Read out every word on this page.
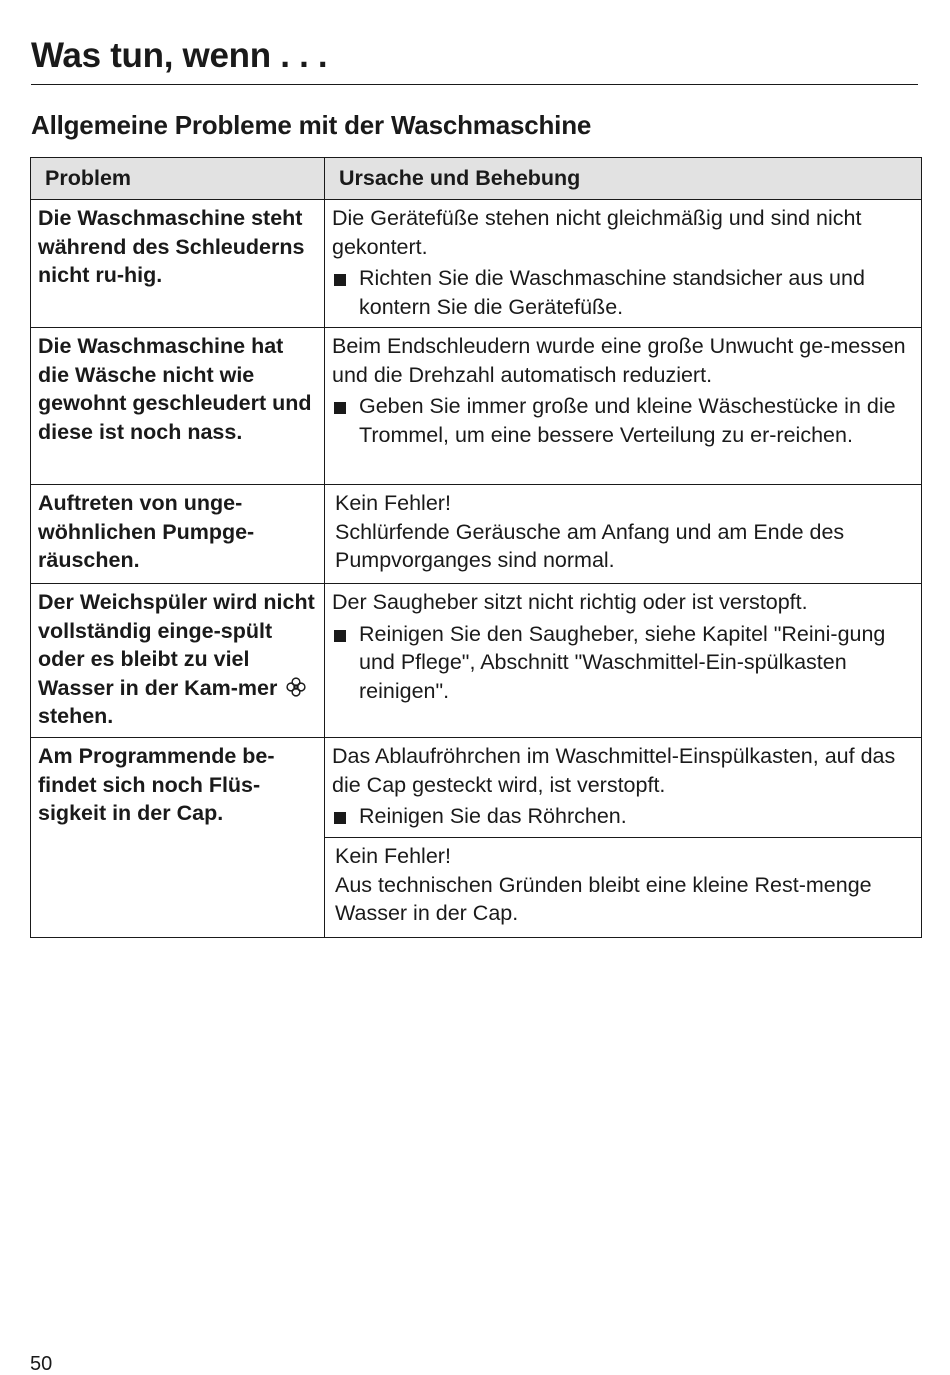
Was tun, wenn . . .
Allgemeine Probleme mit der Waschmaschine
Problem	Ursache und Behebung
Die Waschmaschine steht während des Schleuderns nicht ru-hig.	Die Gerätefüße stehen nicht gleichmäßig und sind nicht gekontert.
Richten Sie die Waschmaschine standsicher aus und kontern Sie die Gerätefüße.

Die Waschmaschine hat die Wäsche nicht wie gewohnt geschleudert und diese ist noch nass.	Beim Endschleudern wurde eine große Unwucht ge-messen und die Drehzahl automatisch reduziert.
Geben Sie immer große und kleine Wäschestücke in die Trommel, um eine bessere Verteilung zu er-reichen.

Auftreten von unge-wöhnlichen Pumpge-räuschen.	Kein Fehler!
Schlürfende Geräusche am Anfang und am Ende des Pumpvorganges sind normal.

Der Weichspüler wird nicht vollständig einge-spült oder es bleibt zu viel Wasser in der Kam-mer  stehen.	Der Saugheber sitzt nicht richtig oder ist verstopft.
Reinigen Sie den Saugheber, siehe Kapitel "Reini-gung und Pflege", Abschnitt "Waschmittel-Ein-spülkasten reinigen".

Am Programmende be-findet sich noch Flüs-sigkeit in der Cap.	Das Ablaufröhrchen im Waschmittel-Einspülkasten, auf das die Cap gesteckt wird, ist verstopft.
Reinigen Sie das Röhrchen.

	Kein Fehler!
Aus technischen Gründen bleibt eine kleine Rest-menge Wasser in der Cap.
50
